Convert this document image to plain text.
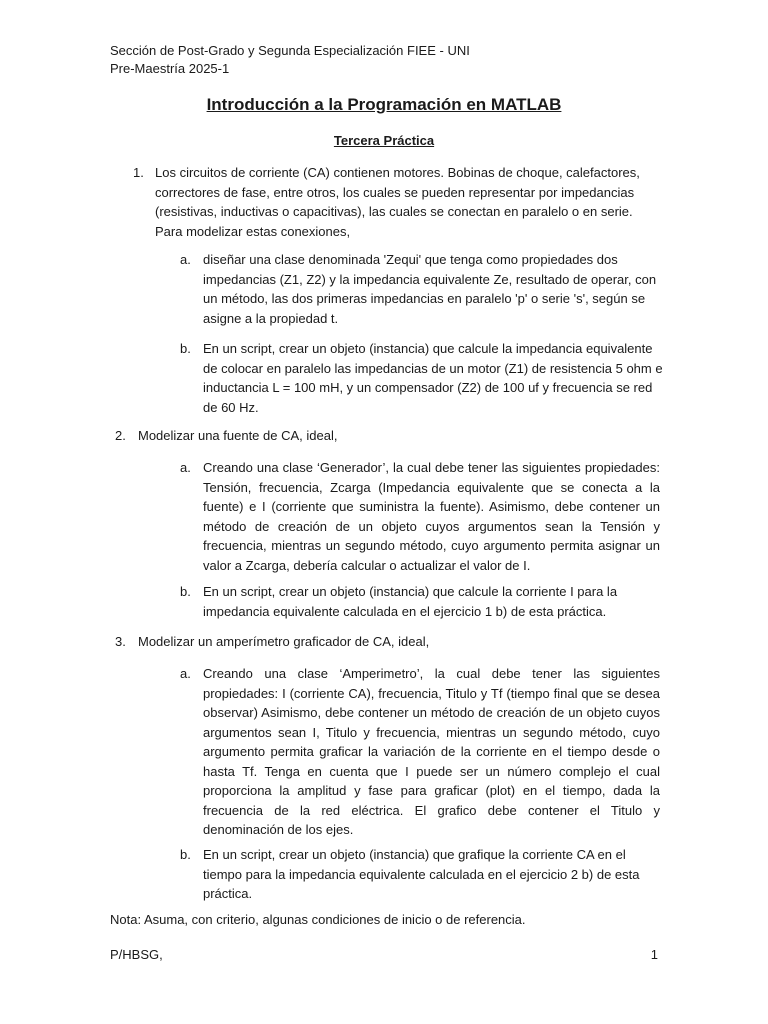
Sección de Post-Grado y Segunda Especialización FIEE - UNI
Pre-Maestría 2025-1
Introducción a la Programación en MATLAB
Tercera Práctica
1. Los circuitos de corriente (CA) contienen motores. Bobinas de choque, calefactores, correctores de fase, entre otros, los cuales se pueden representar por impedancias (resistivas, inductivas o capacitivas), las cuales se conectan en paralelo o en serie. Para modelizar estas conexiones,
a. diseñar una clase denominada 'Zequi' que tenga como propiedades dos impedancias (Z1, Z2) y la impedancia equivalente Ze, resultado de operar, con un método, las dos primeras impedancias en paralelo 'p' o serie 's', según se asigne a la propiedad t.
b. En un script, crear un objeto (instancia) que calcule la impedancia equivalente de colocar en paralelo las impedancias de un motor (Z1) de resistencia 5 ohm e inductancia L = 100 mH, y un compensador (Z2) de 100 uf y frecuencia se red de 60 Hz.
2. Modelizar una fuente de CA, ideal,
a. Creando una clase ‘Generador’, la cual debe tener las siguientes propiedades: Tensión, frecuencia, Zcarga (Impedancia equivalente que se conecta a la fuente) e I (corriente que suministra la fuente). Asimismo, debe contener un método de creación de un objeto cuyos argumentos sean la Tensión y frecuencia, mientras un segundo método, cuyo argumento permita asignar un valor a Zcarga, debería calcular o actualizar el valor de I.
b. En un script, crear un objeto (instancia) que calcule la corriente I para la impedancia equivalente calculada en el ejercicio 1 b) de esta práctica.
3. Modelizar un amperímetro graficador de CA, ideal,
a. Creando una clase ‘Amperimetro’, la cual debe tener las siguientes propiedades: I (corriente CA), frecuencia, Titulo y Tf (tiempo final que se desea observar) Asimismo, debe contener un método de creación de un objeto cuyos argumentos sean I, Titulo y frecuencia, mientras un segundo método, cuyo argumento permita graficar la variación de la corriente en el tiempo desde o hasta Tf. Tenga en cuenta que I puede ser un número complejo el cual proporciona la amplitud y fase para graficar (plot) en el tiempo, dada la frecuencia de la red eléctrica. El grafico debe contener el Titulo y denominación de los ejes.
b. En un script, crear un objeto (instancia) que grafique la corriente CA en el tiempo para la impedancia equivalente calculada en el ejercicio 2 b) de esta práctica.
Nota: Asuma, con criterio, algunas condiciones de inicio o de referencia.
P/HBSG,	1
